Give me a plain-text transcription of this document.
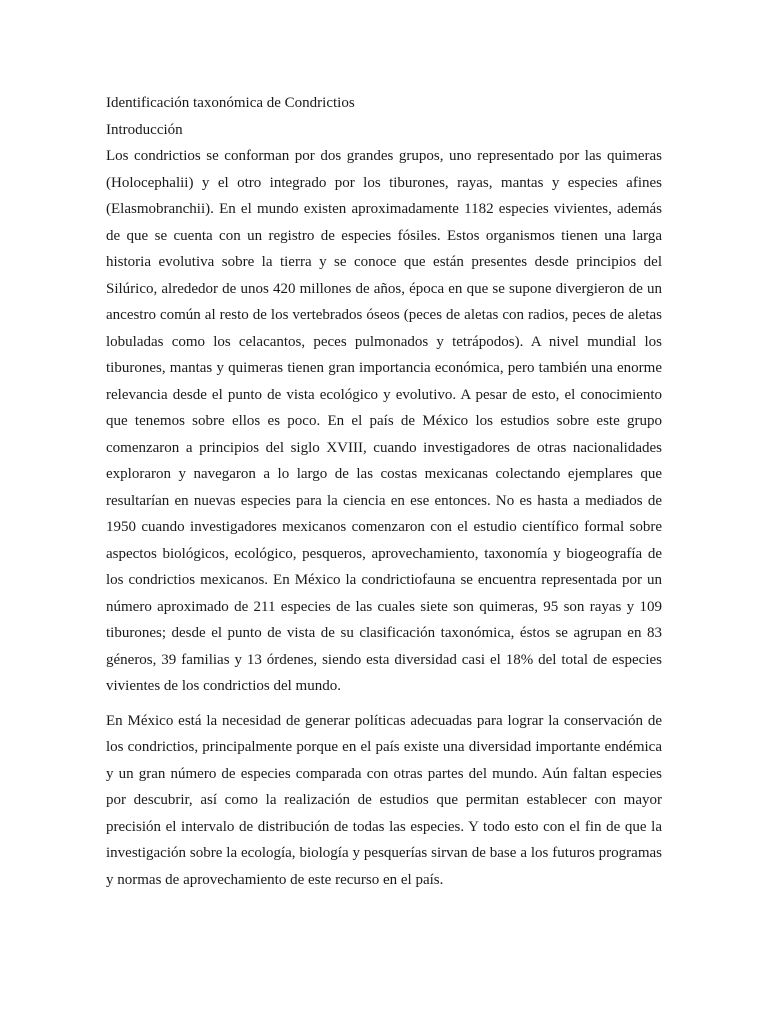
Identificación taxonómica de Condrictios

Introducción

Los condrictios se conforman por dos grandes grupos, uno representado por las quimeras (Holocephalii) y el otro integrado por los tiburones, rayas, mantas y especies afines (Elasmobranchii). En el mundo existen aproximadamente 1182 especies vivientes, además de que se cuenta con un registro de especies fósiles. Estos organismos tienen una larga historia evolutiva sobre la tierra y se conoce que están presentes desde principios del Silúrico, alrededor de unos 420 millones de años, época en que se supone divergieron de un ancestro común al resto de los vertebrados óseos (peces de aletas con radios, peces de aletas lobuladas como los celacantos, peces pulmonados y tetrápodos). A nivel mundial los tiburones, mantas y quimeras tienen gran importancia económica, pero también una enorme relevancia desde el punto de vista ecológico y evolutivo. A pesar de esto, el conocimiento que tenemos sobre ellos es poco. En el país de México los estudios sobre este grupo comenzaron a principios del siglo XVIII, cuando investigadores de otras nacionalidades exploraron y navegaron a lo largo de las costas mexicanas colectando ejemplares que resultarían en nuevas especies para la ciencia en ese entonces. No es hasta a mediados de 1950 cuando investigadores mexicanos comenzaron con el estudio científico formal sobre aspectos biológicos, ecológico, pesqueros, aprovechamiento, taxonomía y biogeografía de los condrictios mexicanos. En México la condrictiofauna se encuentra representada por un número aproximado de 211 especies de las cuales siete son quimeras, 95 son rayas y 109 tiburones; desde el punto de vista de su clasificación taxonómica, éstos se agrupan en 83 géneros, 39 familias y 13 órdenes, siendo esta diversidad casi el 18% del total de especies vivientes de los condrictios del mundo.

En México está la necesidad de generar políticas adecuadas para lograr la conservación de los condrictios, principalmente porque en el país existe una diversidad importante endémica y un gran número de especies comparada con otras partes del mundo. Aún faltan especies por descubrir, así como la realización de estudios que permitan establecer con mayor precisión el intervalo de distribución de todas las especies. Y todo esto con el fin de que la investigación sobre la ecología, biología y pesquerías sirvan de base a los futuros programas y normas de aprovechamiento de este recurso en el país.
